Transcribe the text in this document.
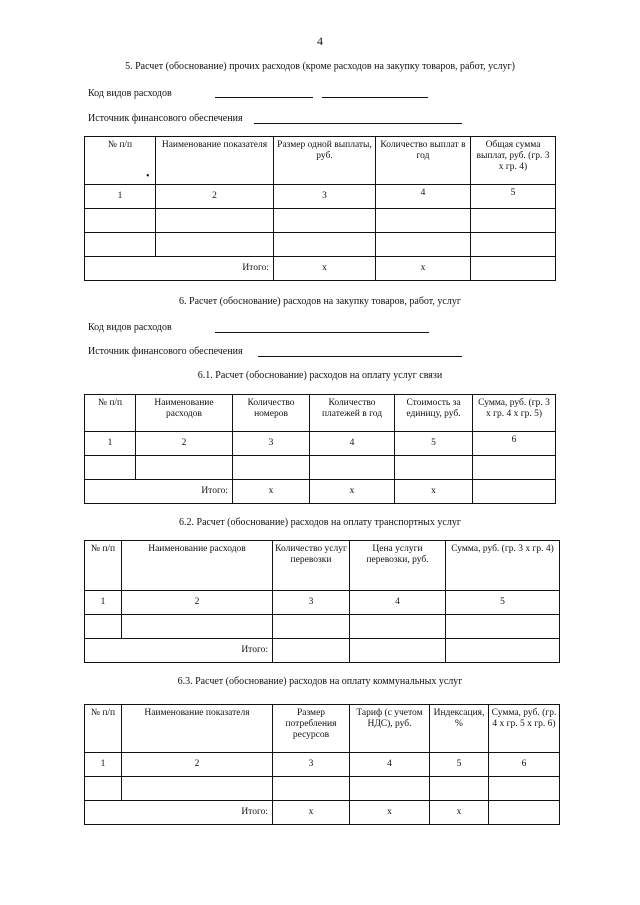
4
5. Расчет (обоснование) прочих расходов (кроме расходов на закупку товаров, работ, услуг)
Код видов расходов
Источник финансового обеспечения
№ п/п	Наименование показателя	Размер одной выплаты, руб.	Количество выплат в год	Общая сумма выплат, руб. (гр. 3 х гр. 4)
1	2	3	4	5

Итого:		х	х	
•
6. Расчет (обоснование) расходов на закупку товаров, работ, услуг
Код видов расходов
Источник финансового обеспечения
6.1. Расчет (обоснование) расходов на оплату услуг связи
№ п/п	Наименование расходов	Количество номеров	Количество платежей в год	Стоимость за единицу, руб.	Сумма, руб. (гр. 3 х гр. 4 х гр. 5)
1	2	3	4	5	6

Итого:		х	х	х	
6.2. Расчет (обоснование) расходов на оплату транспортных услуг
№ п/п	Наименование расходов	Количество услуг перевозки	Цена услуги перевозки, руб.	Сумма, руб. (гр. 3 х гр. 4)
1	2	3	4	5

Итого:				
6.3. Расчет (обоснование) расходов на оплату коммунальных услуг
№ п/п	Наименование показателя	Размер потребления ресурсов	Тариф (с учетом НДС), руб.	Индексация, %	Сумма, руб. (гр. 4 х гр. 5 х гр. 6)
1	2	3	4	5	6

Итого:		х	х	х	
